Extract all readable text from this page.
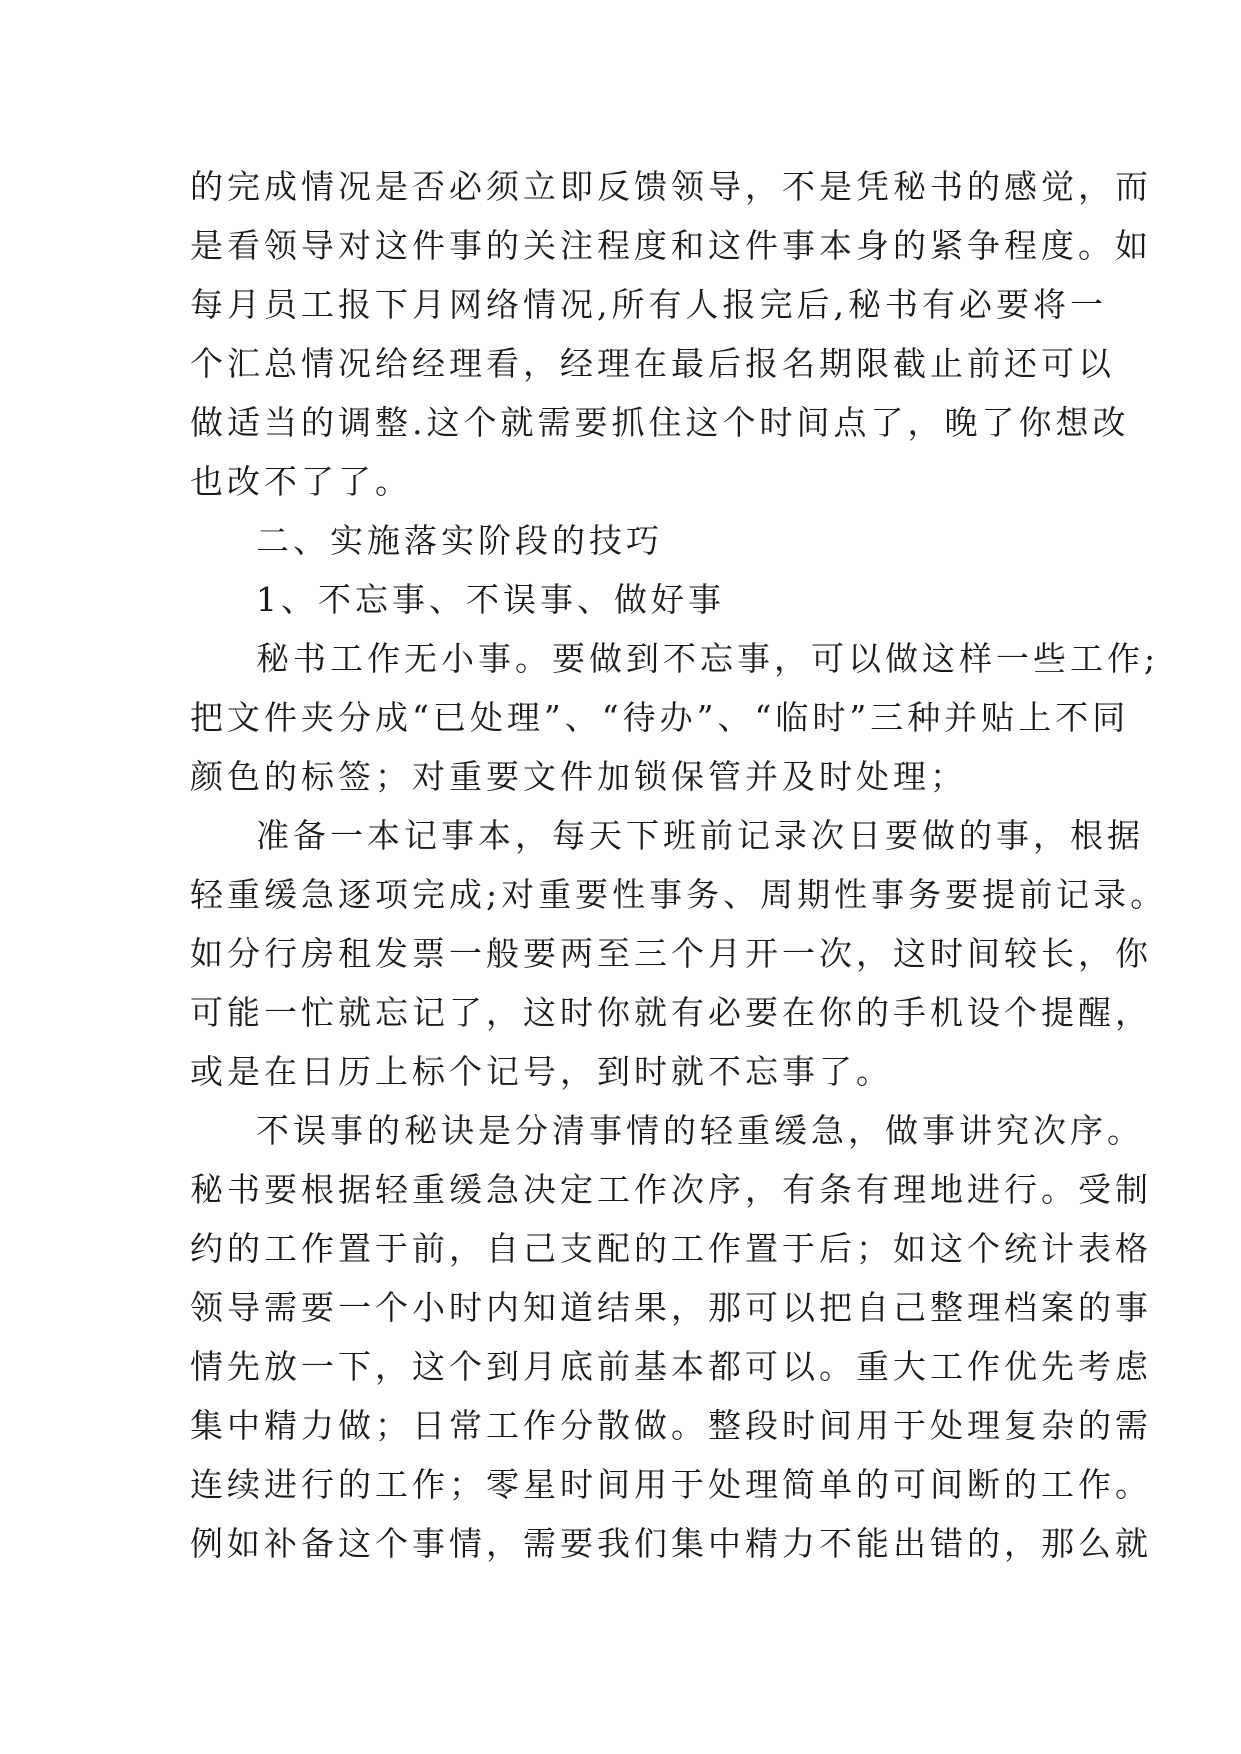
的完成情况是否必须立即反馈领导，不是凭秘书的感觉，而
是看领导对这件事的关注程度和这件事本身的紧争程度。如
每月员工报下月网络情况,所有人报完后,秘书有必要将一
个汇总情况给经理看，经理在最后报名期限截止前还可以
做适当的调整.这个就需要抓住这个时间点了，晚了你想改
也改不了了。
二、实施落实阶段的技巧
1、不忘事、不误事、做好事
秘书工作无小事。要做到不忘事，可以做这样一些工作;
把文件夹分成“已处理”、“待办”、“临时”三种并贴上不同
颜色的标签；对重要文件加锁保管并及时处理；
准备一本记事本，每天下班前记录次日要做的事，根据
轻重缓急逐项完成;对重要性事务、周期性事务要提前记录。
如分行房租发票一般要两至三个月开一次，这时间较长，你
可能一忙就忘记了，这时你就有必要在你的手机设个提醒，
或是在日历上标个记号，到时就不忘事了。
不误事的秘诀是分清事情的轻重缓急，做事讲究次序。
秘书要根据轻重缓急决定工作次序，有条有理地进行。受制
约的工作置于前，自己支配的工作置于后；如这个统计表格
领导需要一个小时内知道结果，那可以把自己整理档案的事
情先放一下，这个到月底前基本都可以。重大工作优先考虑
集中精力做；日常工作分散做。整段时间用于处理复杂的需
连续进行的工作；零星时间用于处理简单的可间断的工作。
例如补备这个事情，需要我们集中精力不能出错的，那么就
